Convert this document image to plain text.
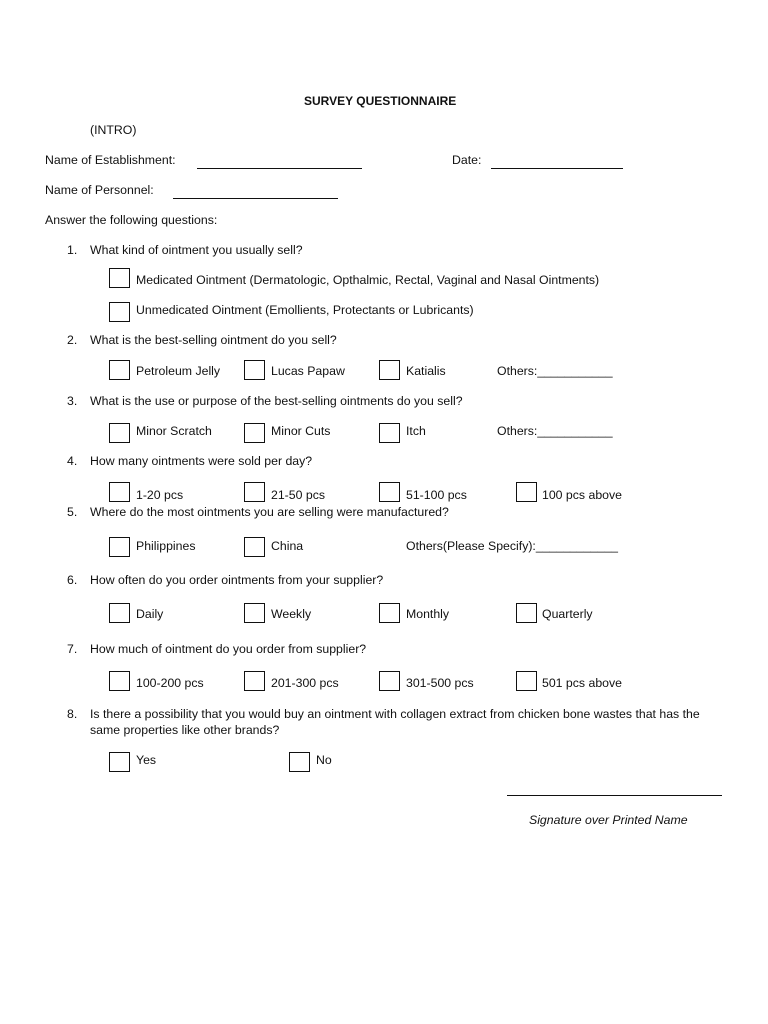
SURVEY QUESTIONNAIRE
(INTRO)
Name of Establishment:	Date:
Name of Personnel:
Answer the following questions:
1. What kind of ointment you usually sell?
Medicated Ointment (Dermatologic, Opthalmic, Rectal, Vaginal and Nasal Ointments)
Unmedicated Ointment (Emollients, Protectants or Lubricants)
2. What is the best-selling ointment do you sell?
Petroleum Jelly	Lucas Papaw	Katialis	Others:___________
3. What is the use or purpose of the best-selling ointments do you sell?
Minor Scratch	Minor Cuts	Itch	Others:___________
4. How many ointments were sold per day?
1-20 pcs	21-50 pcs	51-100 pcs	100 pcs above
5. Where do the most ointments you are selling were manufactured?
Philippines	China	Others(Please Specify):____________
6. How often do you order ointments from your supplier?
Daily	Weekly	Monthly	Quarterly
7. How much of ointment do you order from supplier?
100-200 pcs	201-300 pcs	301-500 pcs	501 pcs above
8. Is there a possibility that you would buy an ointment with collagen extract from chicken bone wastes that has the
same properties like other brands?
Yes	No
Signature over Printed Name
